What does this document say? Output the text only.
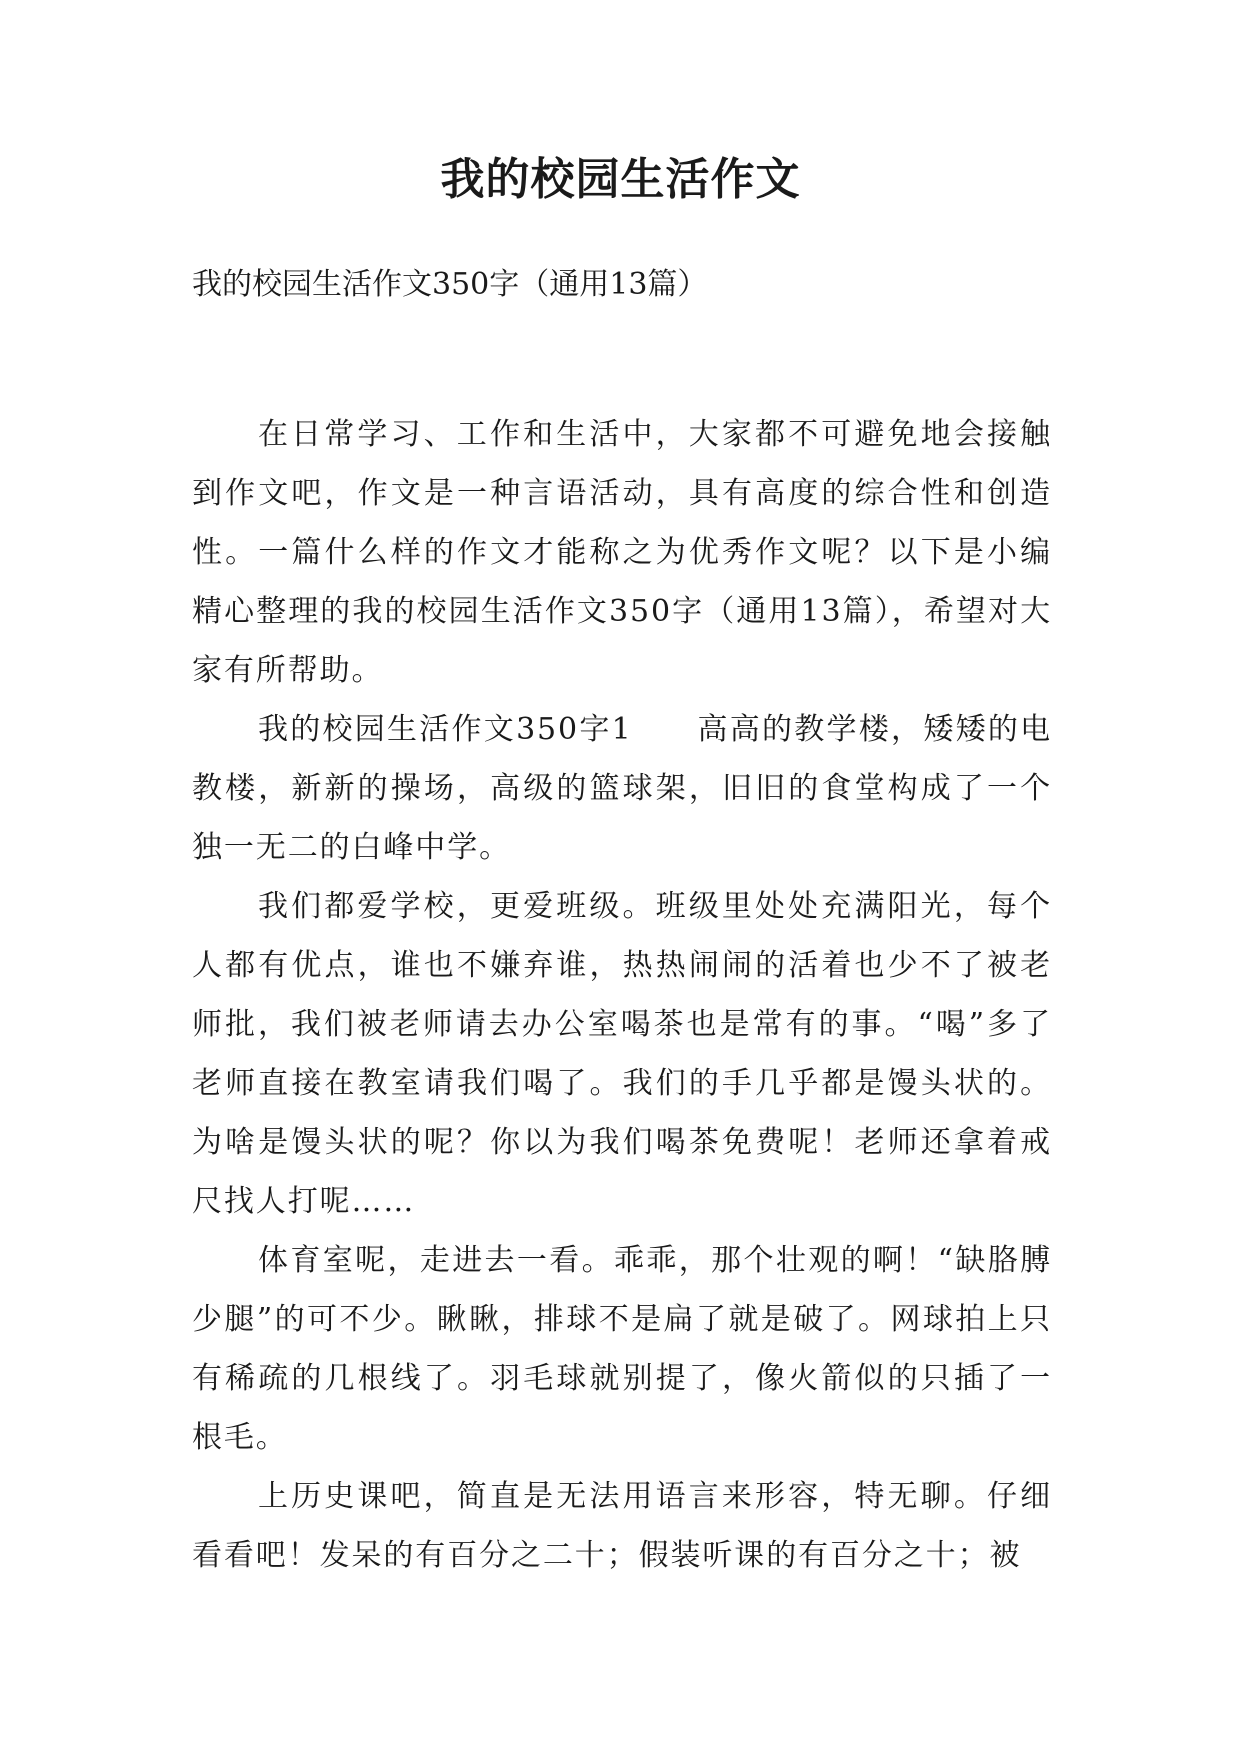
我的校园生活作文

我的校园生活作文350字（通用13篇）

在日常学习、工作和生活中，大家都不可避免地会接触到作文吧，作文是一种言语活动，具有高度的综合性和创造性。一篇什么样的作文才能称之为优秀作文呢？以下是小编精心整理的我的校园生活作文350字（通用13篇），希望对大家有所帮助。

我的校园生活作文350字1　　高高的教学楼，矮矮的电教楼，新新的操场，高级的篮球架，旧旧的食堂构成了一个独一无二的白峰中学。

我们都爱学校，更爱班级。班级里处处充满阳光，每个人都有优点，谁也不嫌弃谁，热热闹闹的活着也少不了被老师批，我们被老师请去办公室喝茶也是常有的事。“喝”多了老师直接在教室请我们喝了。我们的手几乎都是馒头状的。为啥是馒头状的呢？你以为我们喝茶免费呢！老师还拿着戒尺找人打呢……

体育室呢，走进去一看。乖乖，那个壮观的啊！“缺胳膊少腿”的可不少。瞅瞅，排球不是扁了就是破了。网球拍上只有稀疏的几根线了。羽毛球就别提了，像火箭似的只插了一根毛。

上历史课吧，简直是无法用语言来形容，特无聊。仔细看看吧！发呆的有百分之二十；假装听课的有百分之十；被
